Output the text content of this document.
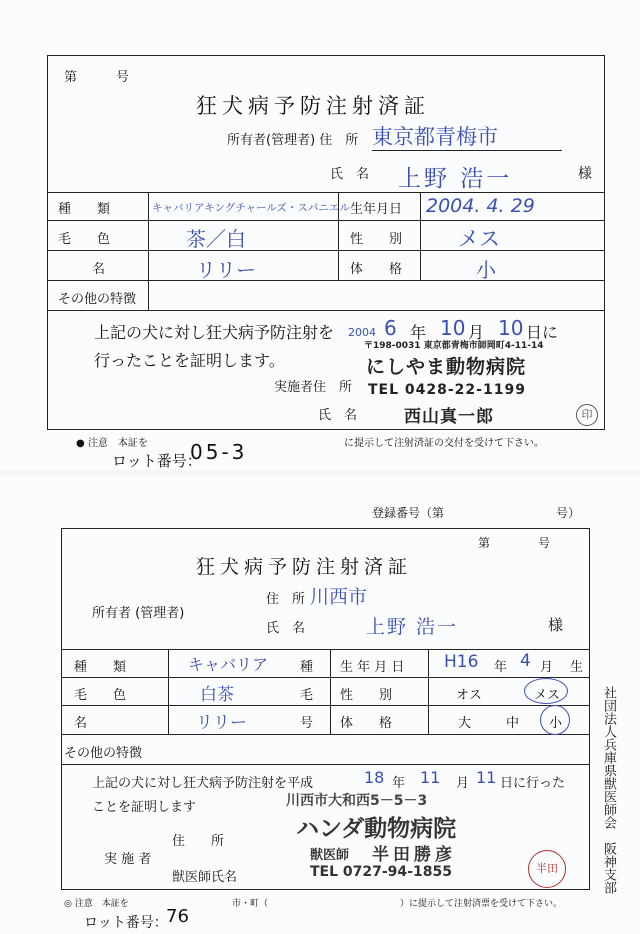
第　　　号
狂犬病予防注射済証
所有者(管理者) 住　所 東京都青梅市
氏　名 上野 浩一	様
種　　類	キャバリアキングチャールズ・スパニエル 生年月日 2004. 4. 29
毛　　色	茶／白	性　　別	メス
名	リリー	体　　格	小
その他の特徴
上記の犬に対し狂犬病予防注射を 2004 6 年 10 月 10 日に
行ったことを証明します。
〒198-0031 東京都青梅市師岡町4-11-14
にしやま動物病院
TEL 0428-22-1199
実施者住　所
氏　名	西山真一郎	印
● 注意　本証を	に提示して注射済証の交付を受けて下さい。
ロット番号：
05-3
登録番号（第	号）
第　　　　号
狂犬病予防注射済証
所有者 (管理者)
住　所 川西市
氏　名	上野 浩一	様
種　　類	キャバリア 種 生 年 月 日 H16 年 4 月 生
毛　　色	白茶	毛 性　　別	オス	メス
名	リリー	号 体　　格	大	中 小
その他の特徴
上記の犬に対し狂犬病予防注射を平成	18 年 11 月 11 日に行った
ことを証明します	川西市大和西5－5－3
ハンダ動物病院
獣医師 半田勝彦
TEL 0727-94-1855
住　　所
実 施 者
獣医師氏名
半田
◎ 注意　本証を	市・町（	）に提示して注射済票を受けて下さい。
ロット番号：
76
社団法人兵庫県獣医師会　阪神支部
